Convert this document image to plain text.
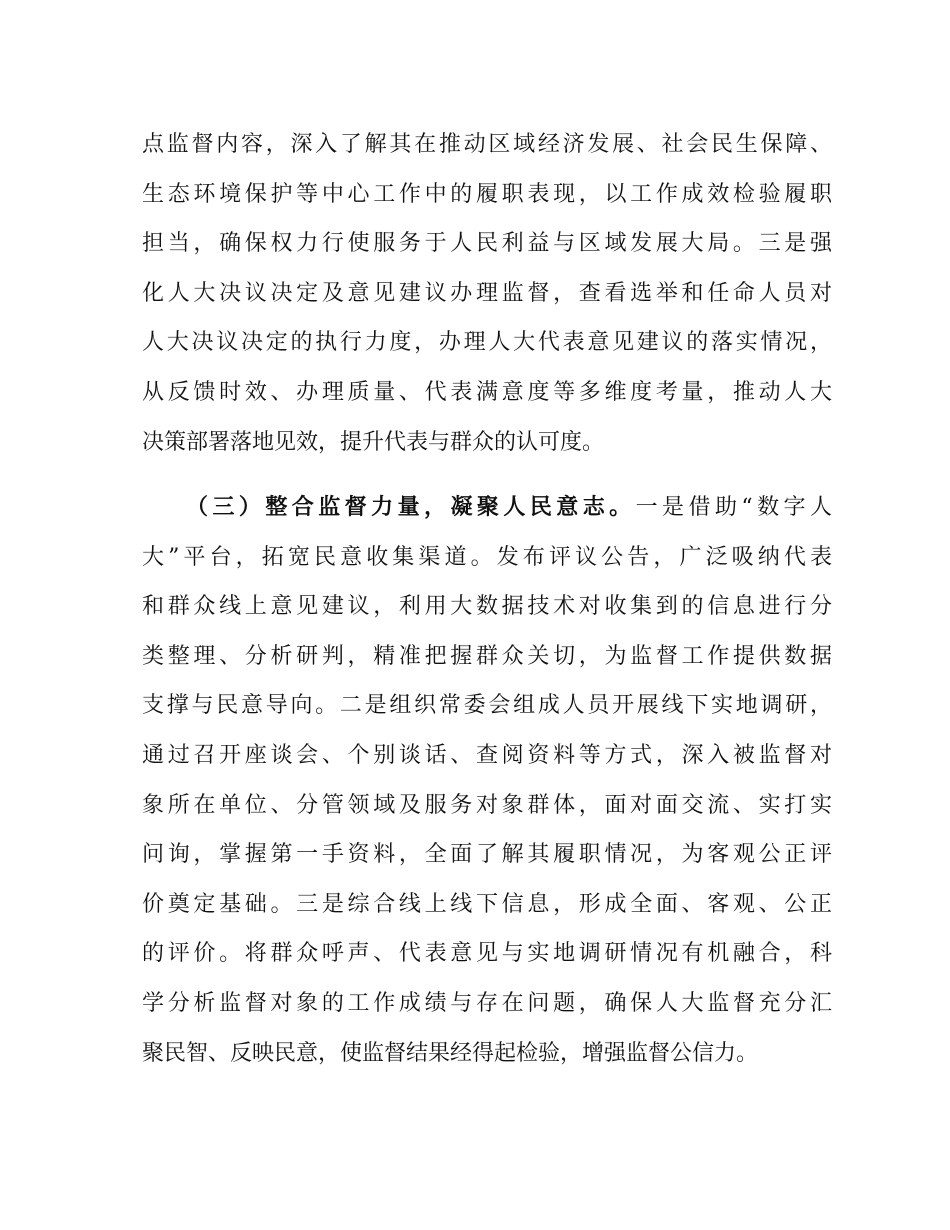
点监督内容，深入了解其在推动区域经济发展、社会民生保障、
生态环境保护等中心工作中的履职表现，以工作成效检验履职
担当，确保权力行使服务于人民利益与区域发展大局。三是强
化人大决议决定及意见建议办理监督，查看选举和任命人员对
人大决议决定的执行力度，办理人大代表意见建议的落实情况，
从反馈时效、办理质量、代表满意度等多维度考量，推动人大
决策部署落地见效，提升代表与群众的认可度。
（三）整合监督力量，凝聚人民意志。一是借助“数字人
大”平台，拓宽民意收集渠道。发布评议公告，广泛吸纳代表
和群众线上意见建议，利用大数据技术对收集到的信息进行分
类整理、分析研判，精准把握群众关切，为监督工作提供数据
支撑与民意导向。二是组织常委会组成人员开展线下实地调研，
通过召开座谈会、个别谈话、查阅资料等方式，深入被监督对
象所在单位、分管领域及服务对象群体，面对面交流、实打实
问询，掌握第一手资料，全面了解其履职情况，为客观公正评
价奠定基础。三是综合线上线下信息，形成全面、客观、公正
的评价。将群众呼声、代表意见与实地调研情况有机融合，科
学分析监督对象的工作成绩与存在问题，确保人大监督充分汇
聚民智、反映民意，使监督结果经得起检验，增强监督公信力。
